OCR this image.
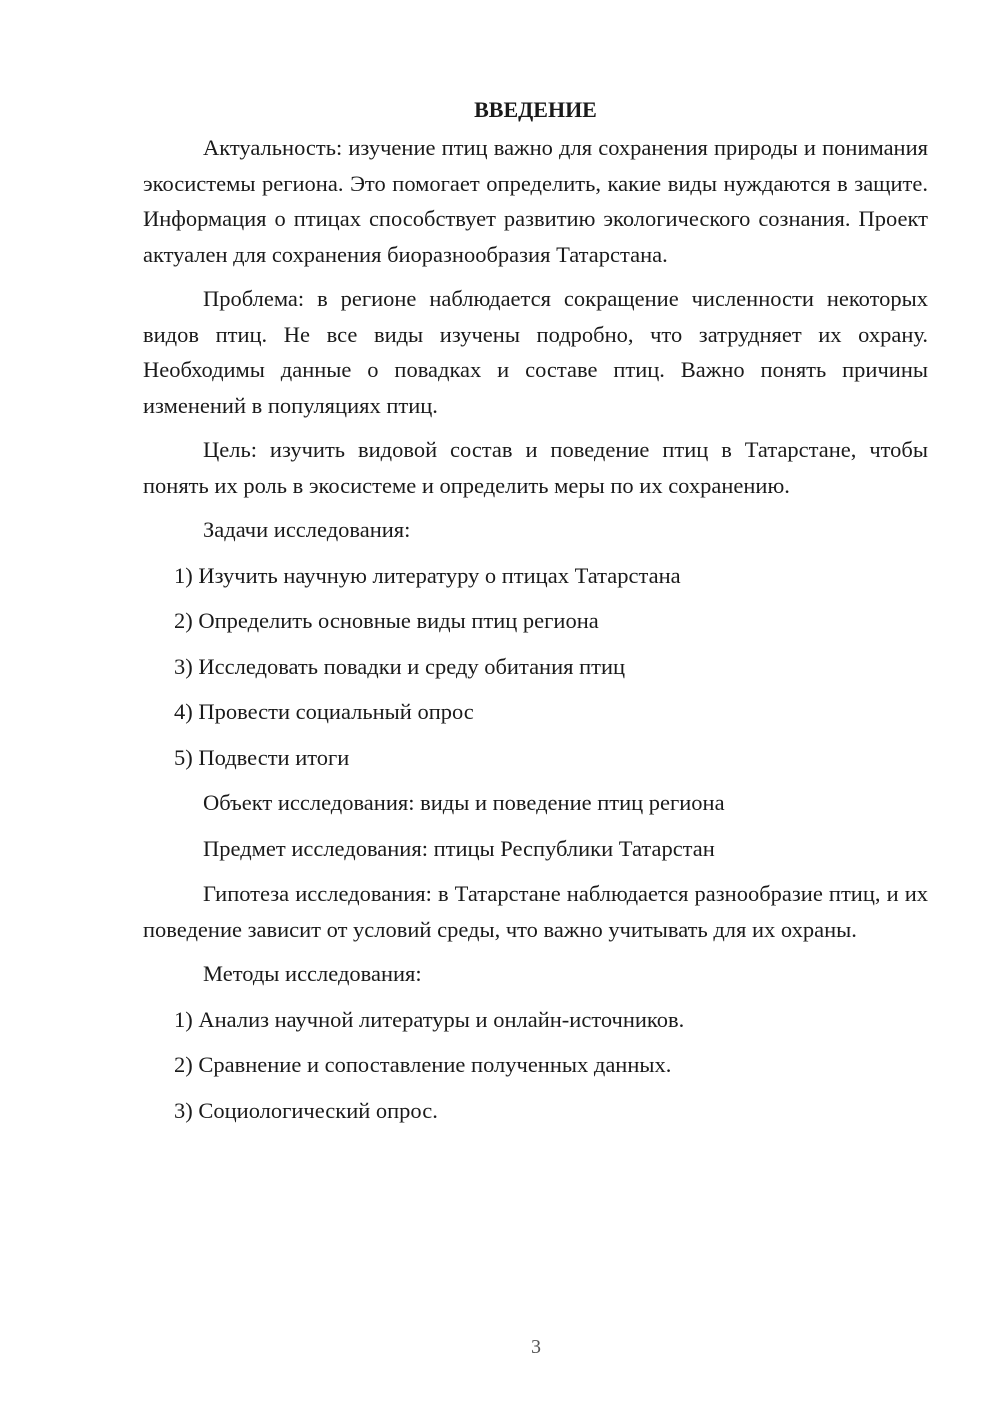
ВВЕДЕНИЕ

Актуальность: изучение птиц важно для сохранения природы и понимания экосистемы региона. Это помогает определить, какие виды нуждаются в защите. Информация о птицах способствует развитию экологического сознания. Проект актуален для сохранения биоразнообразия Татарстана.

Проблема: в регионе наблюдается сокращение численности некоторых видов птиц. Не все виды изучены подробно, что затрудняет их охрану. Необходимы данные о повадках и составе птиц. Важно понять причины изменений в популяциях птиц.

Цель: изучить видовой состав и поведение птиц в Татарстане, чтобы понять их роль в экосистеме и определить меры по их сохранению.

Задачи исследования:
1) Изучить научную литературу о птицах Татарстана
2) Определить основные виды птиц региона
3) Исследовать повадки и среду обитания птиц
4) Провести социальный опрос
5) Подвести итоги
Объект исследования: виды и поведение птиц региона
Предмет исследования: птицы Республики Татарстан

Гипотеза исследования: в Татарстане наблюдается разнообразие птиц, и их поведение зависит от условий среды, что важно учитывать для их охраны.

Методы исследования:
1) Анализ научной литературы и онлайн-источников.
2) Сравнение и сопоставление полученных данных.
3) Социологический опрос.
3
